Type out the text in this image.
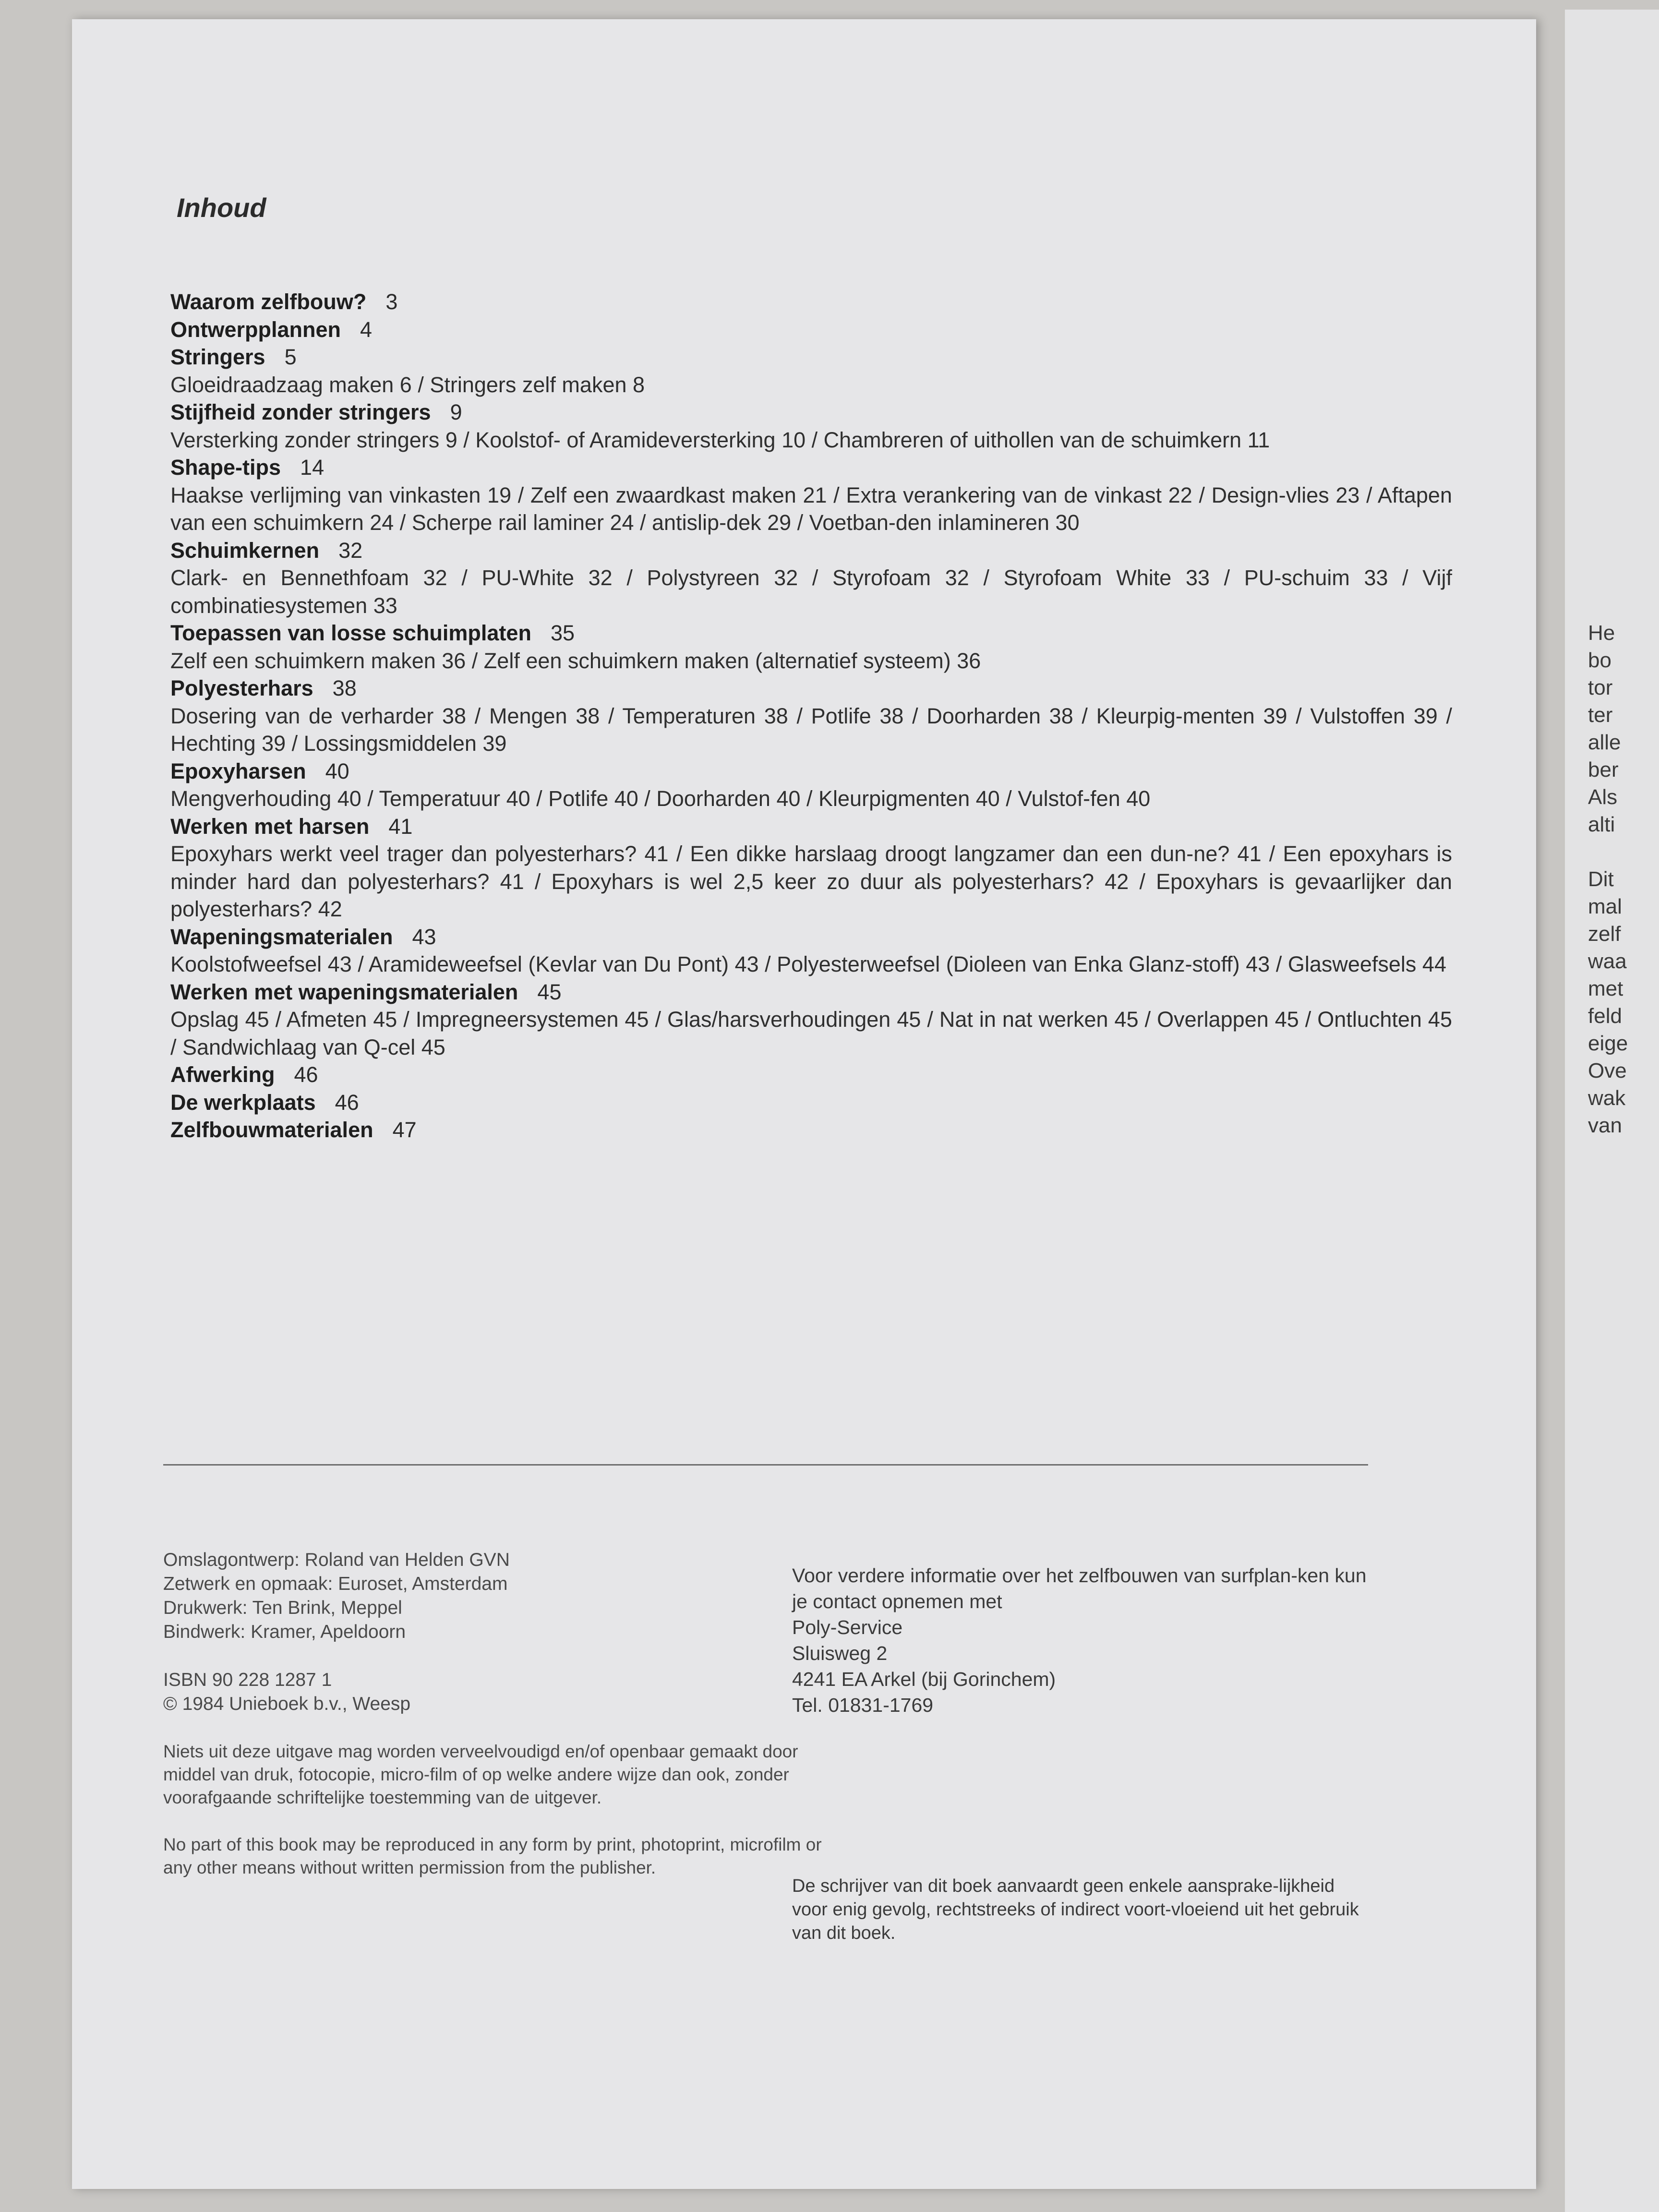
He
bo
tor
ter
alle
ber
Als
alti

Dit
mal
zelf
waa
met
feld
eige
Ove
wak
van
Inhoud
Waarom zelfbouw? 3
Ontwerpplannen 4
Stringers 5
Gloeidraadzaag maken 6 / Stringers zelf maken 8
Stijfheid zonder stringers 9
Versterking zonder stringers 9 / Koolstof- of Aramideversterking 10 / Chambreren of uithollen van de schuimkern 11
Shape-tips 14
Haakse verlijming van vinkasten 19 / Zelf een zwaardkast maken 21 / Extra verankering van de vinkast 22 / Design-vlies 23 / Aftapen van een schuimkern 24 / Scherpe rail laminer 24 / antislip-dek 29 / Voetban-den inlamineren 30
Schuimkernen 32
Clark- en Bennethfoam 32 / PU-White 32 / Polystyreen 32 / Styrofoam 32 / Styrofoam White 33 / PU-schuim 33 / Vijf combinatiesystemen 33
Toepassen van losse schuimplaten 35
Zelf een schuimkern maken 36 / Zelf een schuimkern maken (alternatief systeem) 36
Polyesterhars 38
Dosering van de verharder 38 / Mengen 38 / Temperaturen 38 / Potlife 38 / Doorharden 38 / Kleurpig-menten 39 / Vulstoffen 39 / Hechting 39 / Lossingsmiddelen 39
Epoxyharsen 40
Mengverhouding 40 / Temperatuur 40 / Potlife 40 / Doorharden 40 / Kleurpigmenten 40 / Vulstof-fen 40
Werken met harsen 41
Epoxyhars werkt veel trager dan polyesterhars? 41 / Een dikke harslaag droogt langzamer dan een dun-ne? 41 / Een epoxyhars is minder hard dan polyesterhars? 41 / Epoxyhars is wel 2,5 keer zo duur als polyesterhars? 42 / Epoxyhars is gevaarlijker dan polyesterhars? 42
Wapeningsmaterialen 43
Koolstofweefsel 43 / Aramideweefsel (Kevlar van Du Pont) 43 / Polyesterweefsel (Dioleen van Enka Glanz-stoff) 43 / Glasweefsels 44
Werken met wapeningsmaterialen 45
Opslag 45 / Afmeten 45 / Impregneersystemen 45 / Glas/harsverhoudingen 45 / Nat in nat werken 45 / Overlappen 45 / Ontluchten 45 / Sandwichlaag van Q-cel 45
Afwerking 46
De werkplaats 46
Zelfbouwmaterialen 47
Omslagontwerp: Roland van Helden GVN
Zetwerk en opmaak: Euroset, Amsterdam
Drukwerk: Ten Brink, Meppel
Bindwerk: Kramer, Apeldoorn
ISBN 90 228 1287 1
© 1984 Unieboek b.v., Weesp
Niets uit deze uitgave mag worden verveelvoudigd en/of openbaar gemaakt door middel van druk, fotocopie, micro-film of op welke andere wijze dan ook, zonder voorafgaande schriftelijke toestemming van de uitgever.
No part of this book may be reproduced in any form by print, photoprint, microfilm or any other means without written permission from the publisher.
Voor verdere informatie over het zelfbouwen van surfplan-ken kun je contact opnemen met
Poly-Service
Sluisweg 2
4241 EA Arkel (bij Gorinchem)
Tel. 01831-1769
De schrijver van dit boek aanvaardt geen enkele aansprake-lijkheid voor enig gevolg, rechtstreeks of indirect voort-vloeiend uit het gebruik van dit boek.
